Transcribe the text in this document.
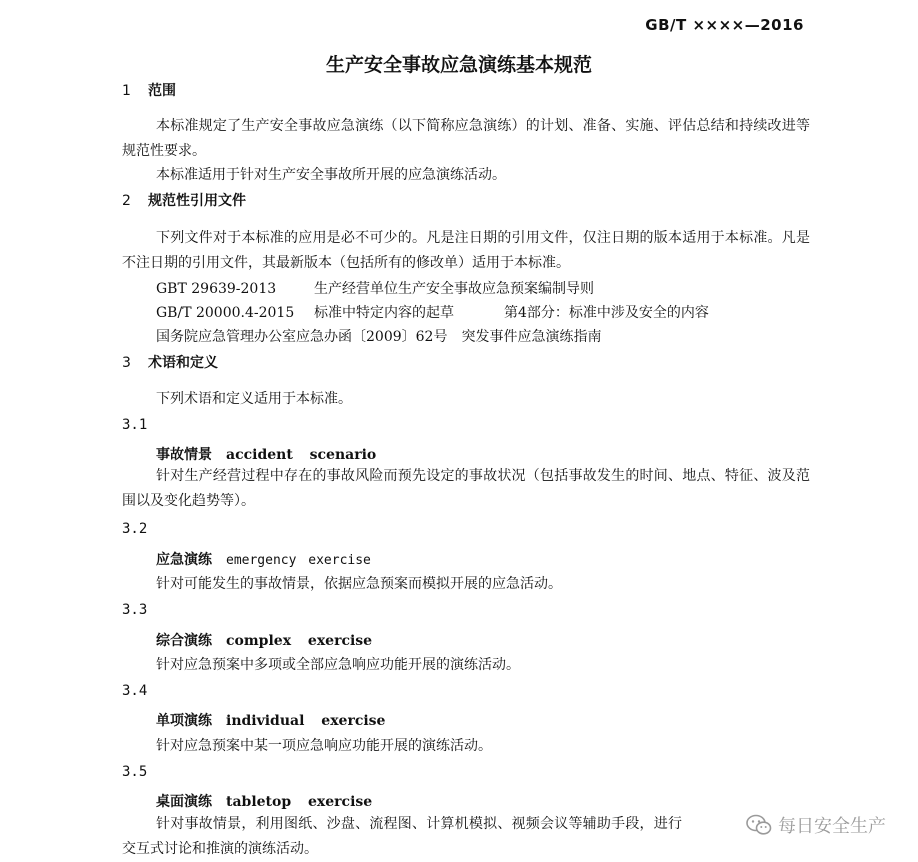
GB/T ××××—2016
生产安全事故应急演练基本规范
1 范围
本标准规定了生产安全事故应急演练（以下简称应急演练）的计划、准备、实施、评估总结和持续改进等规范性要求。
本标准适用于针对生产安全事故所开展的应急演练活动。
2 规范性引用文件
下列文件对于本标准的应用是必不可少的。凡是注日期的引用文件，仅注日期的版本适用于本标准。凡是不注日期的引用文件，其最新版本（包括所有的修改单）适用于本标准。
GBT 29639-2013	生产经营单位生产安全事故应急预案编制导则
GB/T 20000.4-2015 标准中特定内容的起草	第4部分：标准中涉及安全的内容
国务院应急管理办公室应急办函〔2009〕62号　突发事件应急演练指南
3 术语和定义
下列术语和定义适用于本标准。
3.1
事故情景 accident scenario
针对生产经营过程中存在的事故风险而预先设定的事故状况（包括事故发生的时间、地点、特征、波及范围以及变化趋势等）。
3.2
应急演练 emergency exercise
针对可能发生的事故情景，依据应急预案而模拟开展的应急活动。
3.3
综合演练 complex exercise
针对应急预案中多项或全部应急响应功能开展的演练活动。
3.4
单项演练 individual exercise
针对应急预案中某一项应急响应功能开展的演练活动。
3.5
桌面演练 tabletop exercise
针对事故情景，利用图纸、沙盘、流程图、计算机模拟、视频会议等辅助手段，进行交互式讨论和推演的演练活动。
每日安全生产
